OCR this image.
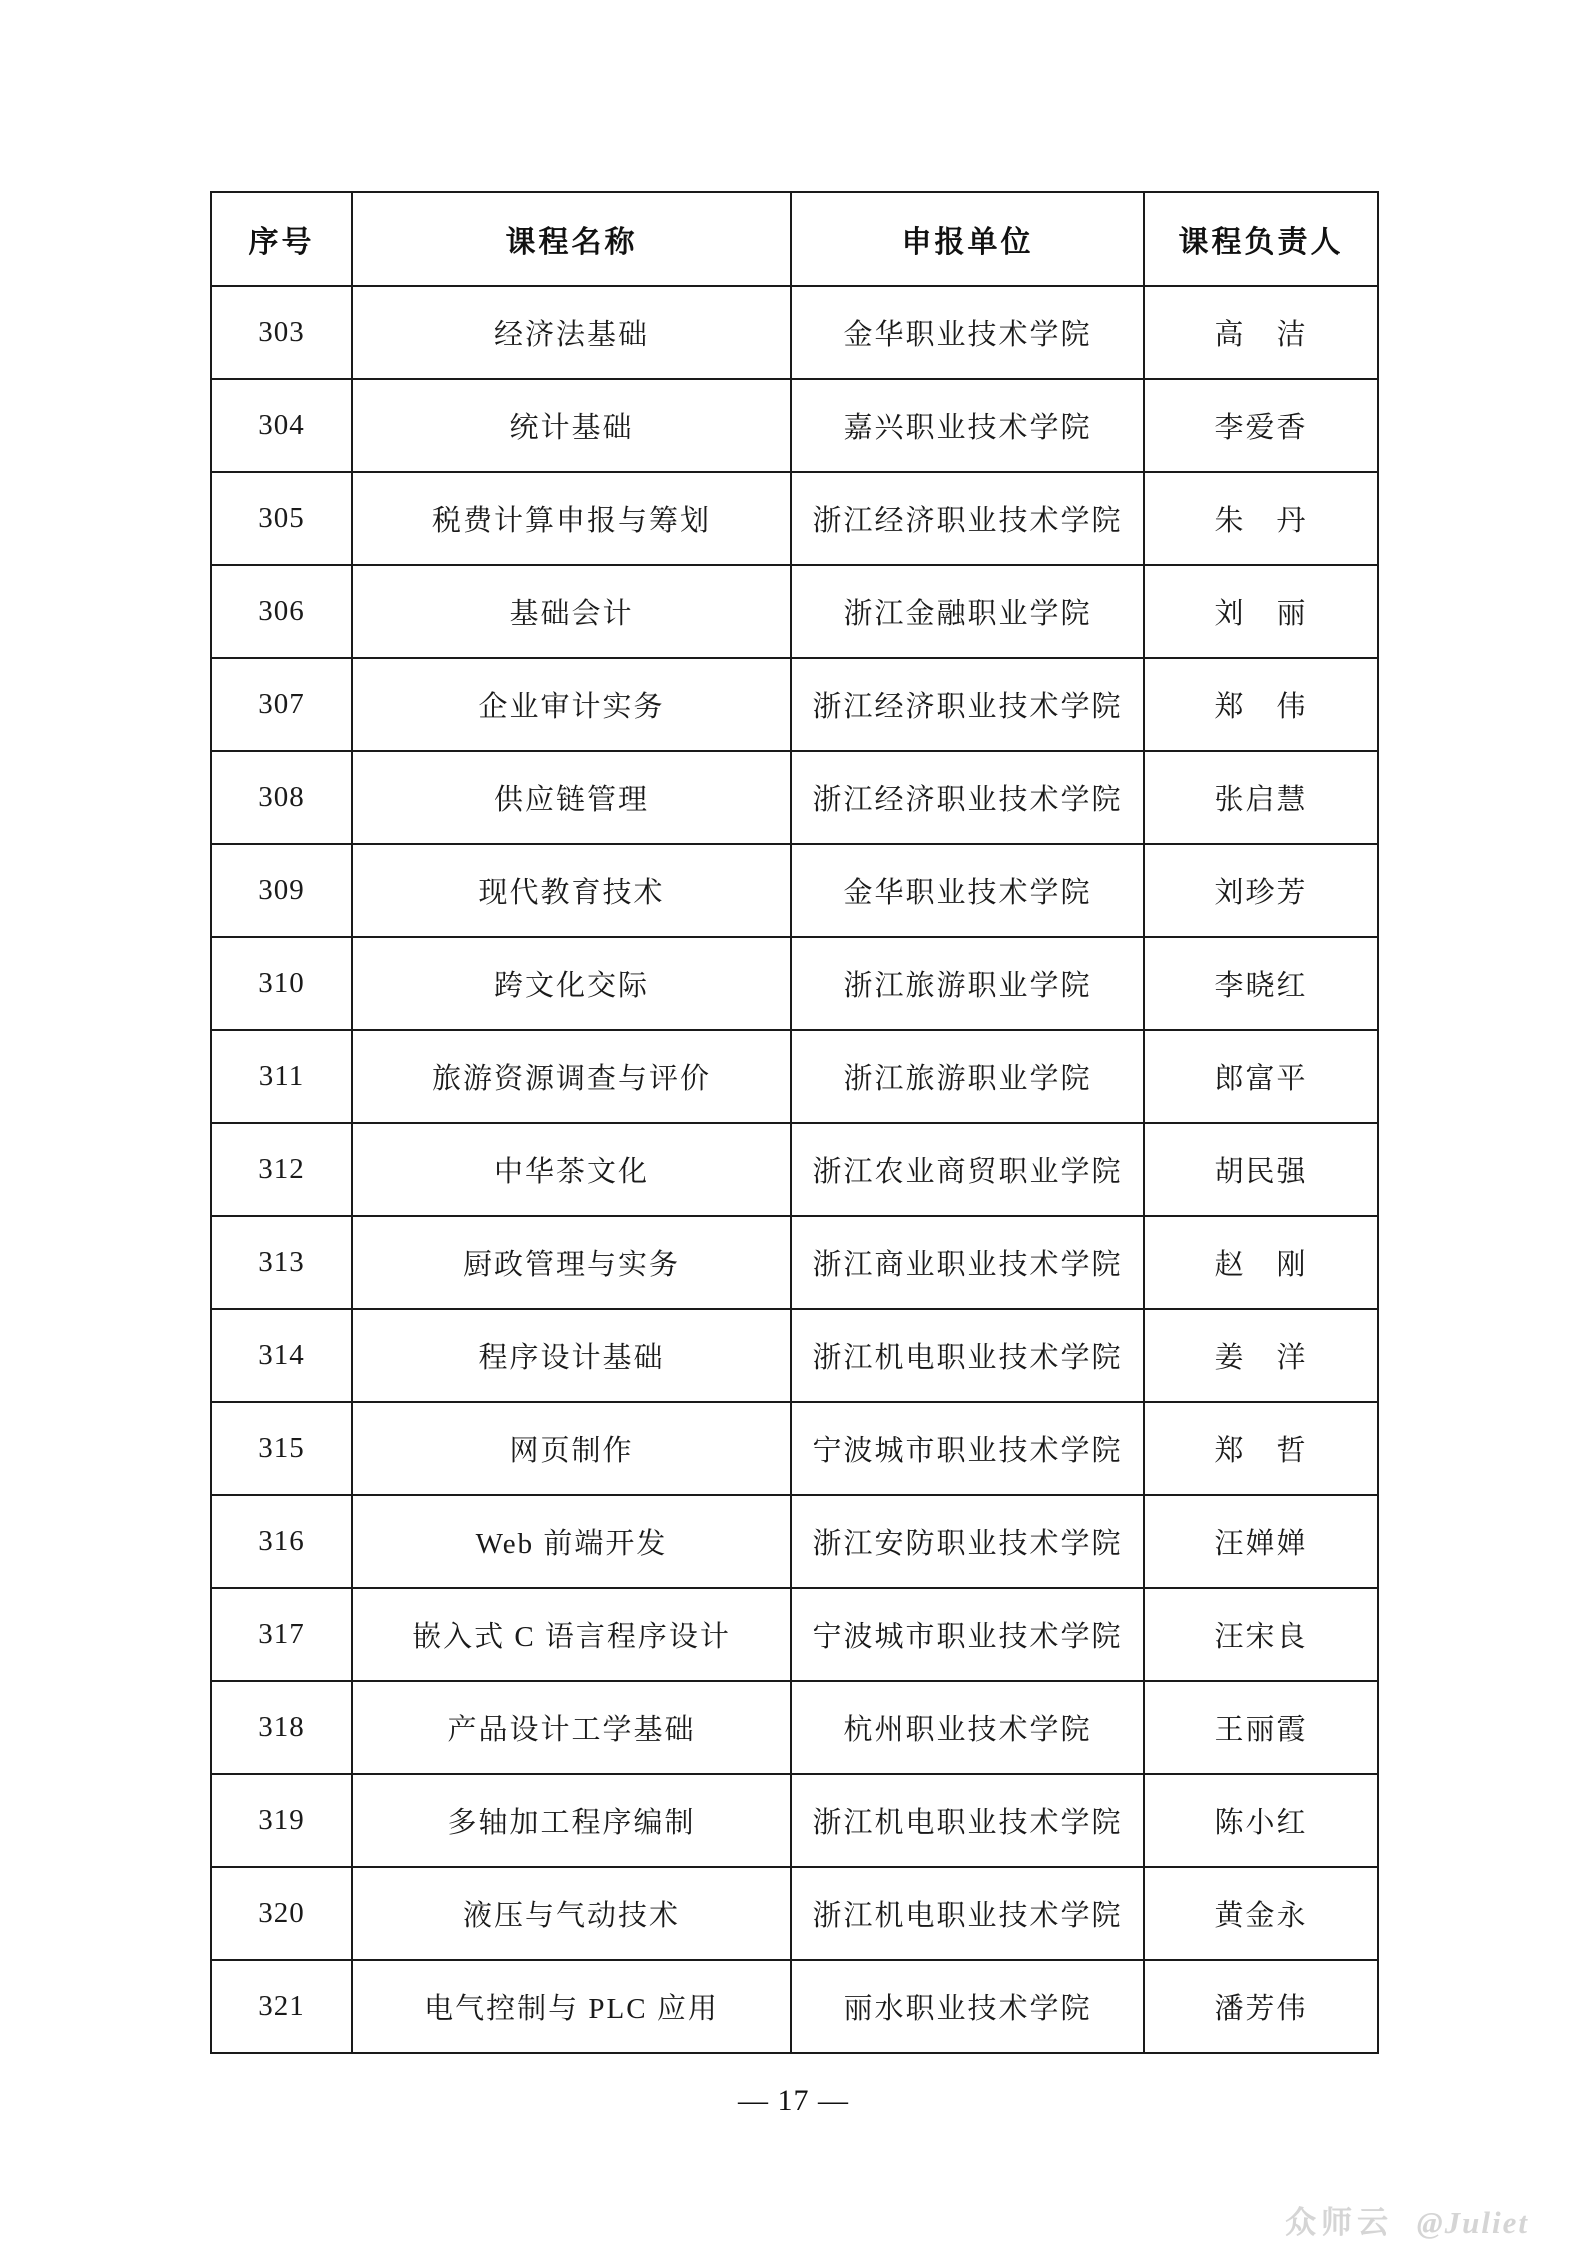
序号	课程名称	申报单位	课程负责人
303	经济法基础	金华职业技术学院	高　洁
304	统计基础	嘉兴职业技术学院	李爱香
305	税费计算申报与筹划	浙江经济职业技术学院	朱　丹
306	基础会计	浙江金融职业学院	刘　丽
307	企业审计实务	浙江经济职业技术学院	郑　伟
308	供应链管理	浙江经济职业技术学院	张启慧
309	现代教育技术	金华职业技术学院	刘珍芳
310	跨文化交际	浙江旅游职业学院	李晓红
311	旅游资源调查与评价	浙江旅游职业学院	郎富平
312	中华茶文化	浙江农业商贸职业学院	胡民强
313	厨政管理与实务	浙江商业职业技术学院	赵　刚
314	程序设计基础	浙江机电职业技术学院	姜　洋
315	网页制作	宁波城市职业技术学院	郑　哲
316	Web 前端开发	浙江安防职业技术学院	汪婵婵
317	嵌入式 C 语言程序设计	宁波城市职业技术学院	汪宋良
318	产品设计工学基础	杭州职业技术学院	王丽霞
319	多轴加工程序编制	浙江机电职业技术学院	陈小红
320	液压与气动技术	浙江机电职业技术学院	黄金永
321	电气控制与 PLC 应用	丽水职业技术学院	潘芳伟
— 17 —
众师云 @Juliet
